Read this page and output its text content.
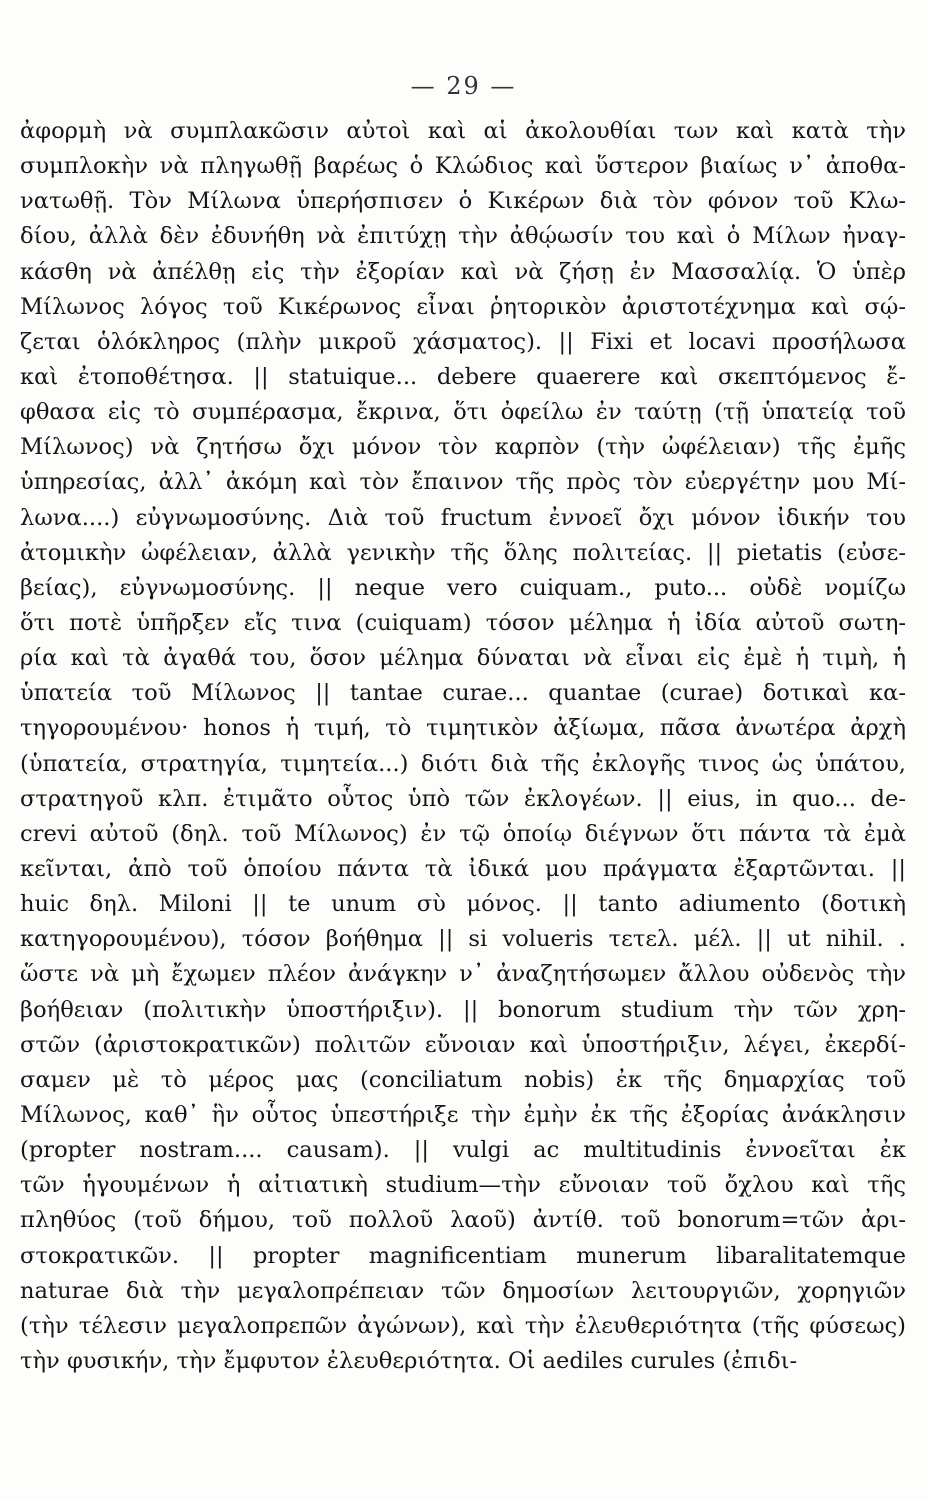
— 29 —
ἀφορμὴ νὰ συμπλακῶσιν αὐτοὶ καὶ αἱ ἀκολουθίαι των καὶ κατὰ τὴν
συμπλοκὴν νὰ πληγωθῇ βαρέως ὁ Κλώδιος καὶ ὕστερον βιαίως ν᾽ ἀποθα-
νατωθῇ. Τὸν Μίλωνα ὑπερήσπισεν ὁ Κικέρων διὰ τὸν φόνον τοῦ Κλω-
δίου, ἀλλὰ δὲν ἐδυνήθη νὰ ἐπιτύχῃ τὴν ἀθῴωσίν του καὶ ὁ Μίλων ἠναγ-
κάσθη νὰ ἀπέλθῃ εἰς τὴν ἐξορίαν καὶ νὰ ζήσῃ ἐν Μασσαλίᾳ. Ὁ ὑπὲρ
Μίλωνος λόγος τοῦ Κικέρωνος εἶναι ῥητορικὸν ἀριστοτέχνημα καὶ σῴ-
ζεται ὁλόκληρος (πλὴν μικροῦ χάσματος). || Fixi et locavi προσήλωσα
καὶ ἐτοποθέτησα. || statuique... debere quaerere καὶ σκεπτόμενος ἔ-
φθασα εἰς τὸ συμπέρασμα, ἔκρινα, ὅτι ὀφείλω ἐν ταύτῃ (τῇ ὑπατείᾳ τοῦ
Μίλωνος) νὰ ζητήσω ὄχι μόνον τὸν καρπὸν (τὴν ὠφέλειαν) τῆς ἐμῆς
ὑπηρεσίας, ἀλλ᾽ ἀκόμη καὶ τὸν ἔπαινον τῆς πρὸς τὸν εὐεργέτην μου Μί-
λωνα....) εὐγνωμοσύνης. Διὰ τοῦ fructum ἐννοεῖ ὄχι μόνον ἰδικήν του
ἀτομικὴν ὠφέλειαν, ἀλλὰ γενικὴν τῆς ὅλης πολιτείας. || pietatis (εὐσε-
βείας), εὐγνωμοσύνης. || neque vero cuiquam., puto... οὐδὲ νομίζω
ὅτι ποτὲ ὑπῆρξεν εἴς τινα (cuiquam) τόσον μέλημα ἡ ἰδία αὐτοῦ σωτη-
ρία καὶ τὰ ἀγαθά του, ὅσον μέλημα δύναται νὰ εἶναι εἰς ἐμὲ ἡ τιμὴ, ἡ
ὑπατεία τοῦ Μίλωνος || tantae curae... quantae (curae) δοτικαὶ κα-
τηγορουμένου· honos ἡ τιμή, τὸ τιμητικὸν ἀξίωμα, πᾶσα ἀνωτέρα ἀρχὴ
(ὑπατεία, στρατηγία, τιμητεία...) διότι διὰ τῆς ἐκλογῆς τινος ὡς ὑπάτου,
στρατηγοῦ κλπ. ἐτιμᾶτο οὗτος ὑπὸ τῶν ἐκλογέων. || eius, in quo... de-
crevi αὐτοῦ (δηλ. τοῦ Μίλωνος) ἐν τῷ ὁποίῳ διέγνων ὅτι πάντα τὰ ἐμὰ
κεῖνται, ἀπὸ τοῦ ὁποίου πάντα τὰ ἰδικά μου πράγματα ἐξαρτῶνται. ||
huic δηλ. Miloni || te unum σὺ μόνος. || tanto adiumento (δοτικὴ
κατηγορουμένου), τόσον βοήθημα || si volueris τετελ. μέλ. || ut nihil. .
ὥστε νὰ μὴ ἔχωμεν πλέον ἀνάγκην ν᾽ ἀναζητήσωμεν ἄλλου οὐδενὸς τὴν
βοήθειαν (πολιτικὴν ὑποστήριξιν). || bonorum studium τὴν τῶν χρη-
στῶν (ἀριστοκρατικῶν) πολιτῶν εὔνοιαν καὶ ὑποστήριξιν, λέγει, ἐκερδί-
σαμεν μὲ τὸ μέρος μας (conciliatum nobis) ἐκ τῆς δημαρχίας τοῦ
Μίλωνος, καθ᾽ ἣν οὗτος ὑπεστήριξε τὴν ἐμὴν ἐκ τῆς ἐξορίας ἀνάκλησιν
(propter nostram.... causam). || vulgi ac multitudinis ἐννοεῖται ἐκ
τῶν ἡγουμένων ἡ αἰτιατικὴ studium—τὴν εὔνοιαν τοῦ ὄχλου καὶ τῆς
πληθύος (τοῦ δήμου, τοῦ πολλοῦ λαοῦ) ἀντίθ. τοῦ bonorum=τῶν ἀρι-
στοκρατικῶν. || propter magnificentiam munerum libaralitatemque
naturae διὰ τὴν μεγαλοπρέπειαν τῶν δημοσίων λειτουργιῶν, χορηγιῶν
(τὴν τέλεσιν μεγαλοπρεπῶν ἀγώνων), καὶ τὴν ἐλευθεριότητα (τῆς φύσεως)
τὴν φυσικήν, τὴν ἔμφυτον ἐλευθεριότητα. Οἱ aediles curules (ἐπιδι-
